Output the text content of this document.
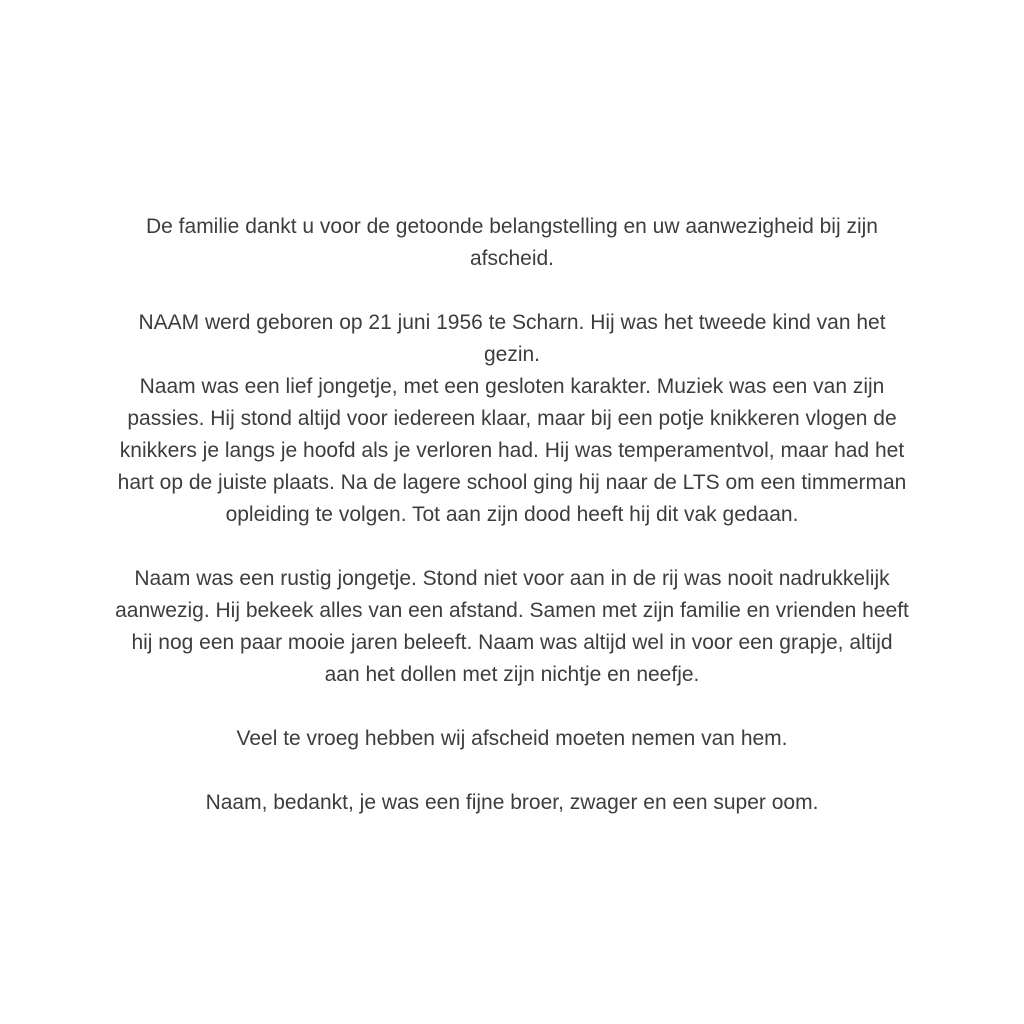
De familie dankt u voor de getoonde belangstelling en uw aanwezigheid bij zijn
afscheid.

NAAM werd geboren op 21 juni 1956 te Scharn. Hij was het tweede kind van het
gezin.

Naam was een lief jongetje, met een gesloten karakter. Muziek was een van zijn
passies. Hij stond altijd voor iedereen klaar, maar bij een potje knikkeren vlogen de
knikkers je langs je hoofd als je verloren had. Hij was temperamentvol, maar had het
hart op de juiste plaats. Na de lagere school ging hij naar de LTS om een timmerman
opleiding te volgen. Tot aan zijn dood heeft hij dit vak gedaan.

Naam was een rustig jongetje. Stond niet voor aan in de rij was nooit nadrukkelijk
aanwezig. Hij bekeek alles van een afstand. Samen met zijn familie en vrienden heeft
hij nog een paar mooie jaren beleeft. Naam was altijd wel in voor een grapje, altijd
aan het dollen met zijn nichtje en neefje.

Veel te vroeg hebben wij afscheid moeten nemen van hem.

Naam, bedankt, je was een fijne broer, zwager en een super oom.
